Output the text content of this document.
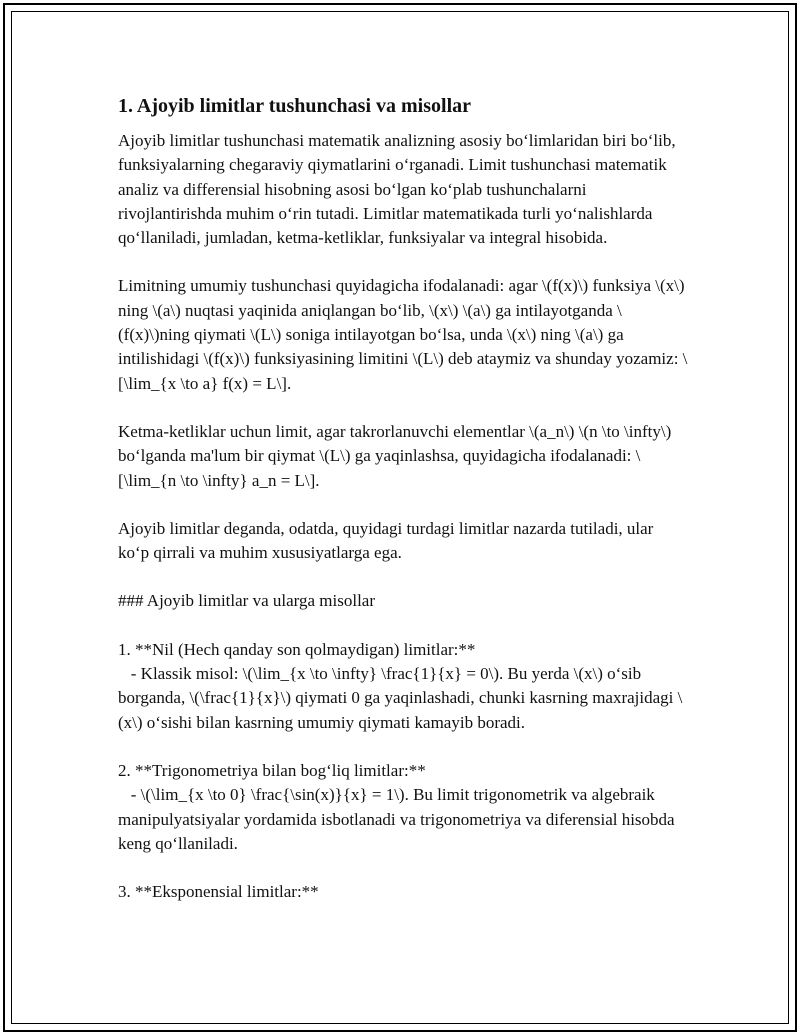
1. Ajoyib limitlar tushunchasi va misollar

Ajoyib limitlar tushunchasi matematik analizning asosiy bo‘limlaridan biri bo‘lib, funksiyalarning chegaraviy qiymatlarini o‘rganadi. Limit tushunchasi matematik analiz va differensial hisobning asosi bo‘lgan ko‘plab tushunchalarni rivojlantirishda muhim o‘rin tutadi. Limitlar matematikada turli yo‘nalishlarda qo‘llaniladi, jumladan, ketma-ketliklar, funksiyalar va integral hisobida.

Limitning umumiy tushunchasi quyidagicha ifodalanadi: agar \(f(x)\) funksiya \(x\) ning \(a\) nuqtasi yaqinida aniqlangan bo‘lib, \(x\) \(a\) ga intilayotganda \(f(x)\)ning qiymati \(L\) soniga intilayotgan bo‘lsa, unda \(x\) ning \(a\) ga intilishidagi \(f(x)\) funksiyasining limitini \(L\) deb ataymiz va shunday yozamiz: \[\lim_{x \to a} f(x) = L\].

Ketma-ketliklar uchun limit, agar takrorlanuvchi elementlar \(a_n\) \(n \to \infty\) bo‘lganda ma'lum bir qiymat \(L\) ga yaqinlashsa, quyidagicha ifodalanadi: \[\lim_{n \to \infty} a_n = L\].

Ajoyib limitlar deganda, odatda, quyidagi turdagi limitlar nazarda tutiladi, ular ko‘p qirrali va muhim xususiyatlarga ega.

### Ajoyib limitlar va ularga misollar

1. **Nil (Hech qanday son qolmaydigan) limitlar:**
- Klassik misol: \(\lim_{x \to \infty} \frac{1}{x} = 0\). Bu yerda \(x\) o‘sib borganda, \(\frac{1}{x}\) qiymati 0 ga yaqinlashadi, chunki kasrning maxrajidagi \(x\) o‘sishi bilan kasrning umumiy qiymati kamayib boradi.
2. **Trigonometriya bilan bog‘liq limitlar:**
- \(\lim_{x \to 0} \frac{\sin(x)}{x} = 1\). Bu limit trigonometrik va algebraik manipulyatsiyalar yordamida isbotlanadi va trigonometriya va diferensial hisobda keng qo‘llaniladi.
3. **Eksponensial limitlar:**
